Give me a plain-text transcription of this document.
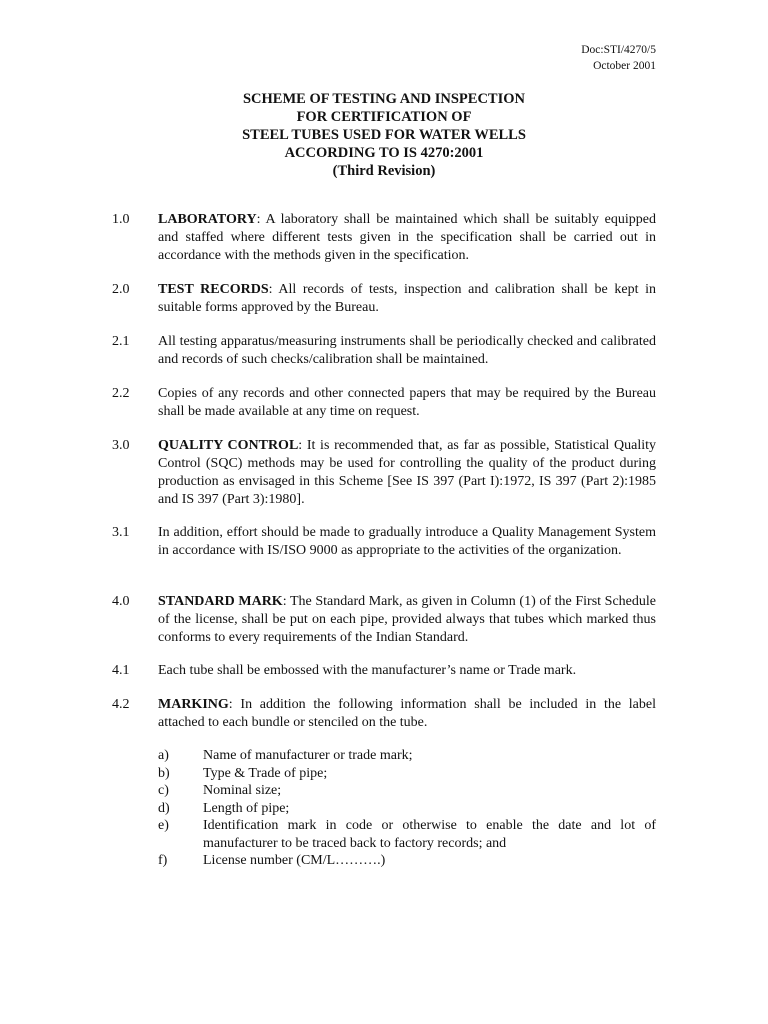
Doc:STI/4270/5
October 2001
SCHEME OF TESTING AND INSPECTION
FOR CERTIFICATION OF
STEEL TUBES USED FOR WATER WELLS
ACCORDING TO IS 4270:2001
(Third Revision)
1.0 LABORATORY: A laboratory shall be maintained which shall be suitably equipped and staffed where different tests given in the specification shall be carried out in accordance with the methods given in the specification.
2.0 TEST RECORDS: All records of tests, inspection and calibration shall be kept in suitable forms approved by the Bureau.
2.1 All testing apparatus/measuring instruments shall be periodically checked and calibrated and records of such checks/calibration shall be maintained.
2.2 Copies of any records and other connected papers that may be required by the Bureau shall be made available at any time on request.
3.0 QUALITY CONTROL: It is recommended that, as far as possible, Statistical Quality Control (SQC) methods may be used for controlling the quality of the product during production as envisaged in this Scheme [See IS 397 (Part I):1972, IS 397 (Part 2):1985 and IS 397 (Part 3):1980].
3.1 In addition, effort should be made to gradually introduce a Quality Management System in accordance with IS/ISO 9000 as appropriate to the activities of the organization.
4.0 STANDARD MARK: The Standard Mark, as given in Column (1) of the First Schedule of the license, shall be put on each pipe, provided always that tubes which marked thus conforms to every requirements of the Indian Standard.
4.1 Each tube shall be embossed with the manufacturer’s name or Trade mark.
4.2 MARKING: In addition the following information shall be included in the label attached to each bundle or stenciled on the tube.
a) Name of manufacturer or trade mark;
b) Type & Trade of pipe;
c) Nominal size;
d) Length of pipe;
e) Identification mark in code or otherwise to enable the date and lot of manufacturer to be traced back to factory records; and
f)	License number (CM/L……….)
